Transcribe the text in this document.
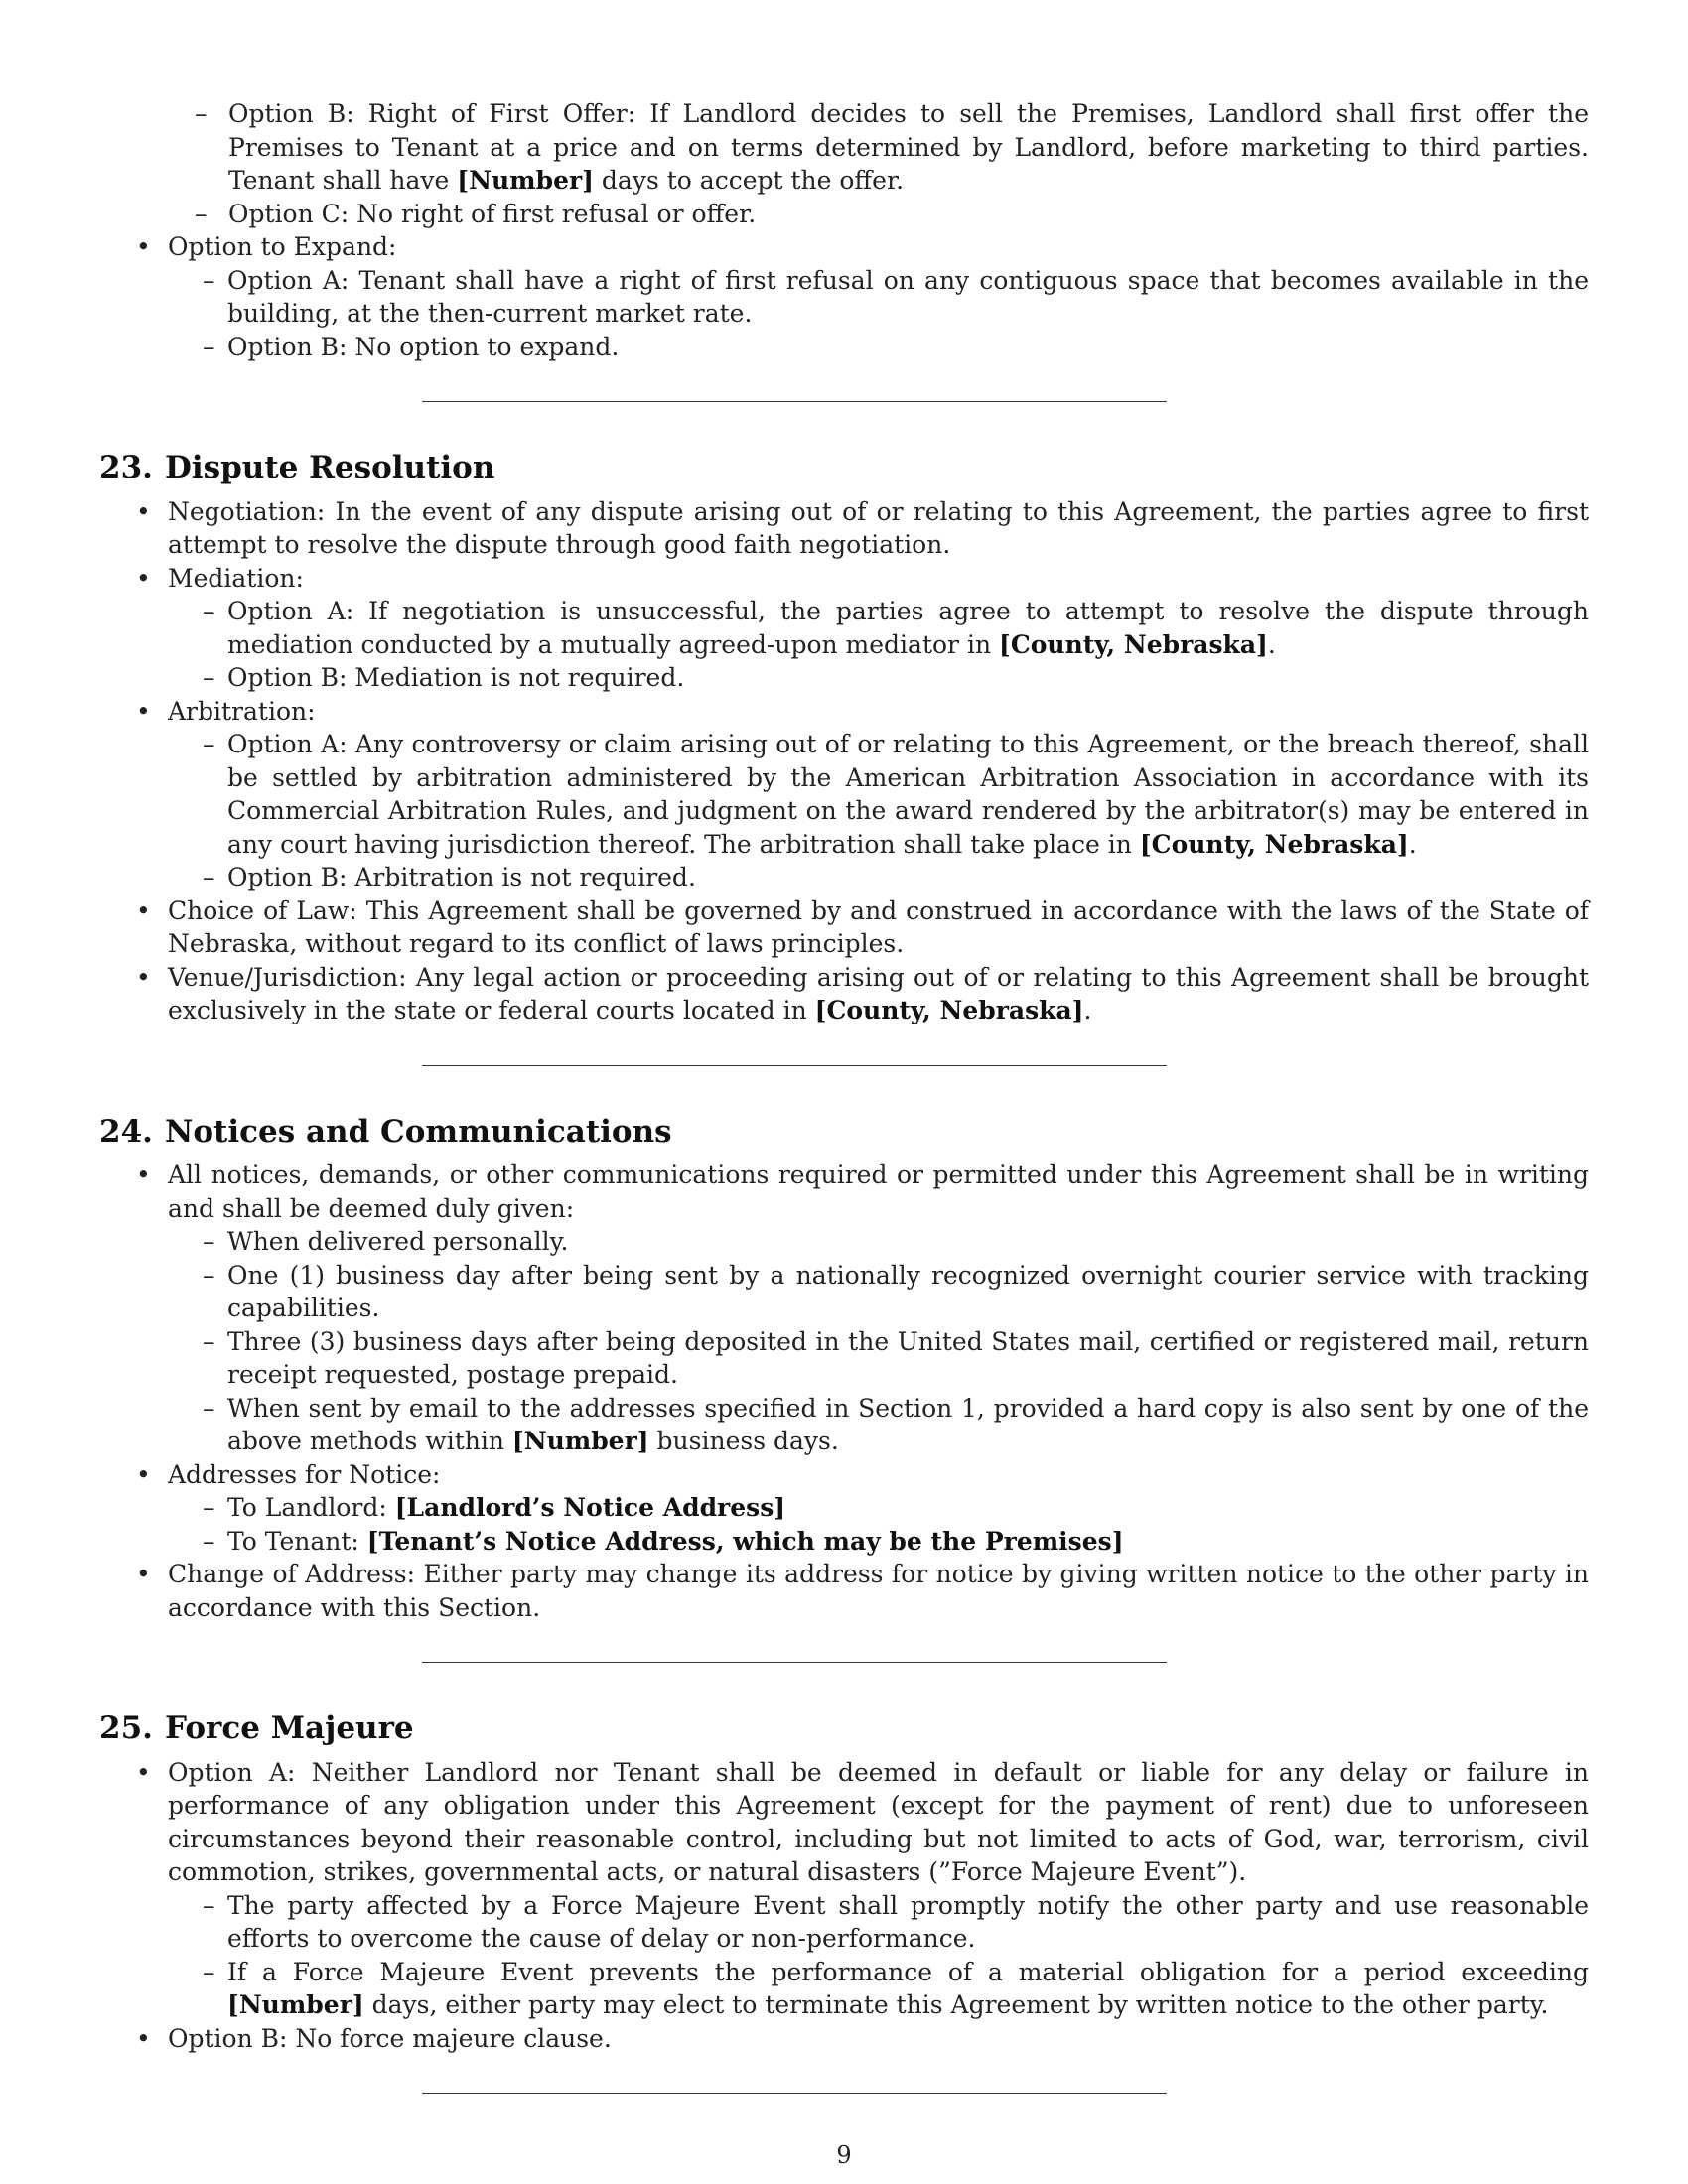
– Option B: Right of First Offer: If Landlord decides to sell the Premises, Landlord shall first offer the Premises to Tenant at a price and on terms determined by Landlord, before marketing to third parties. Tenant shall have [Number] days to accept the offer.
– Option C: No right of first refusal or offer.
• Option to Expand:
– Option A: Tenant shall have a right of first refusal on any contiguous space that becomes available in the building, at the then-current market rate.
– Option B: No option to expand.
23. Dispute Resolution
• Negotiation: In the event of any dispute arising out of or relating to this Agreement, the parties agree to first attempt to resolve the dispute through good faith negotiation.
• Mediation:
– Option A: If negotiation is unsuccessful, the parties agree to attempt to resolve the dispute through mediation conducted by a mutually agreed-upon mediator in [County, Nebraska].
– Option B: Mediation is not required.
• Arbitration:
– Option A: Any controversy or claim arising out of or relating to this Agreement, or the breach thereof, shall be settled by arbitration administered by the American Arbitration Association in accordance with its Commercial Arbitration Rules, and judgment on the award rendered by the arbitrator(s) may be entered in any court having jurisdiction thereof. The arbitration shall take place in [County, Nebraska].
– Option B: Arbitration is not required.
• Choice of Law: This Agreement shall be governed by and construed in accordance with the laws of the State of Nebraska, without regard to its conflict of laws principles.
• Venue/Jurisdiction: Any legal action or proceeding arising out of or relating to this Agreement shall be brought exclusively in the state or federal courts located in [County, Nebraska].
24. Notices and Communications
• All notices, demands, or other communications required or permitted under this Agreement shall be in writing and shall be deemed duly given:
– When delivered personally.
– One (1) business day after being sent by a nationally recognized overnight courier service with tracking capabilities.
– Three (3) business days after being deposited in the United States mail, certified or registered mail, return receipt requested, postage prepaid.
– When sent by email to the addresses specified in Section 1, provided a hard copy is also sent by one of the above methods within [Number] business days.
• Addresses for Notice:
– To Landlord: [Landlord’s Notice Address]
– To Tenant: [Tenant’s Notice Address, which may be the Premises]
• Change of Address: Either party may change its address for notice by giving written notice to the other party in accordance with this Section.
25. Force Majeure
• Option A: Neither Landlord nor Tenant shall be deemed in default or liable for any delay or failure in performance of any obligation under this Agreement (except for the payment of rent) due to unforeseen circumstances beyond their reasonable control, including but not limited to acts of God, war, terrorism, civil commotion, strikes, governmental acts, or natural disasters (”Force Majeure Event”).
– The party affected by a Force Majeure Event shall promptly notify the other party and use reasonable efforts to overcome the cause of delay or non-performance.
– If a Force Majeure Event prevents the performance of a material obligation for a period exceeding [Number] days, either party may elect to terminate this Agreement by written notice to the other party.
• Option B: No force majeure clause.
9
